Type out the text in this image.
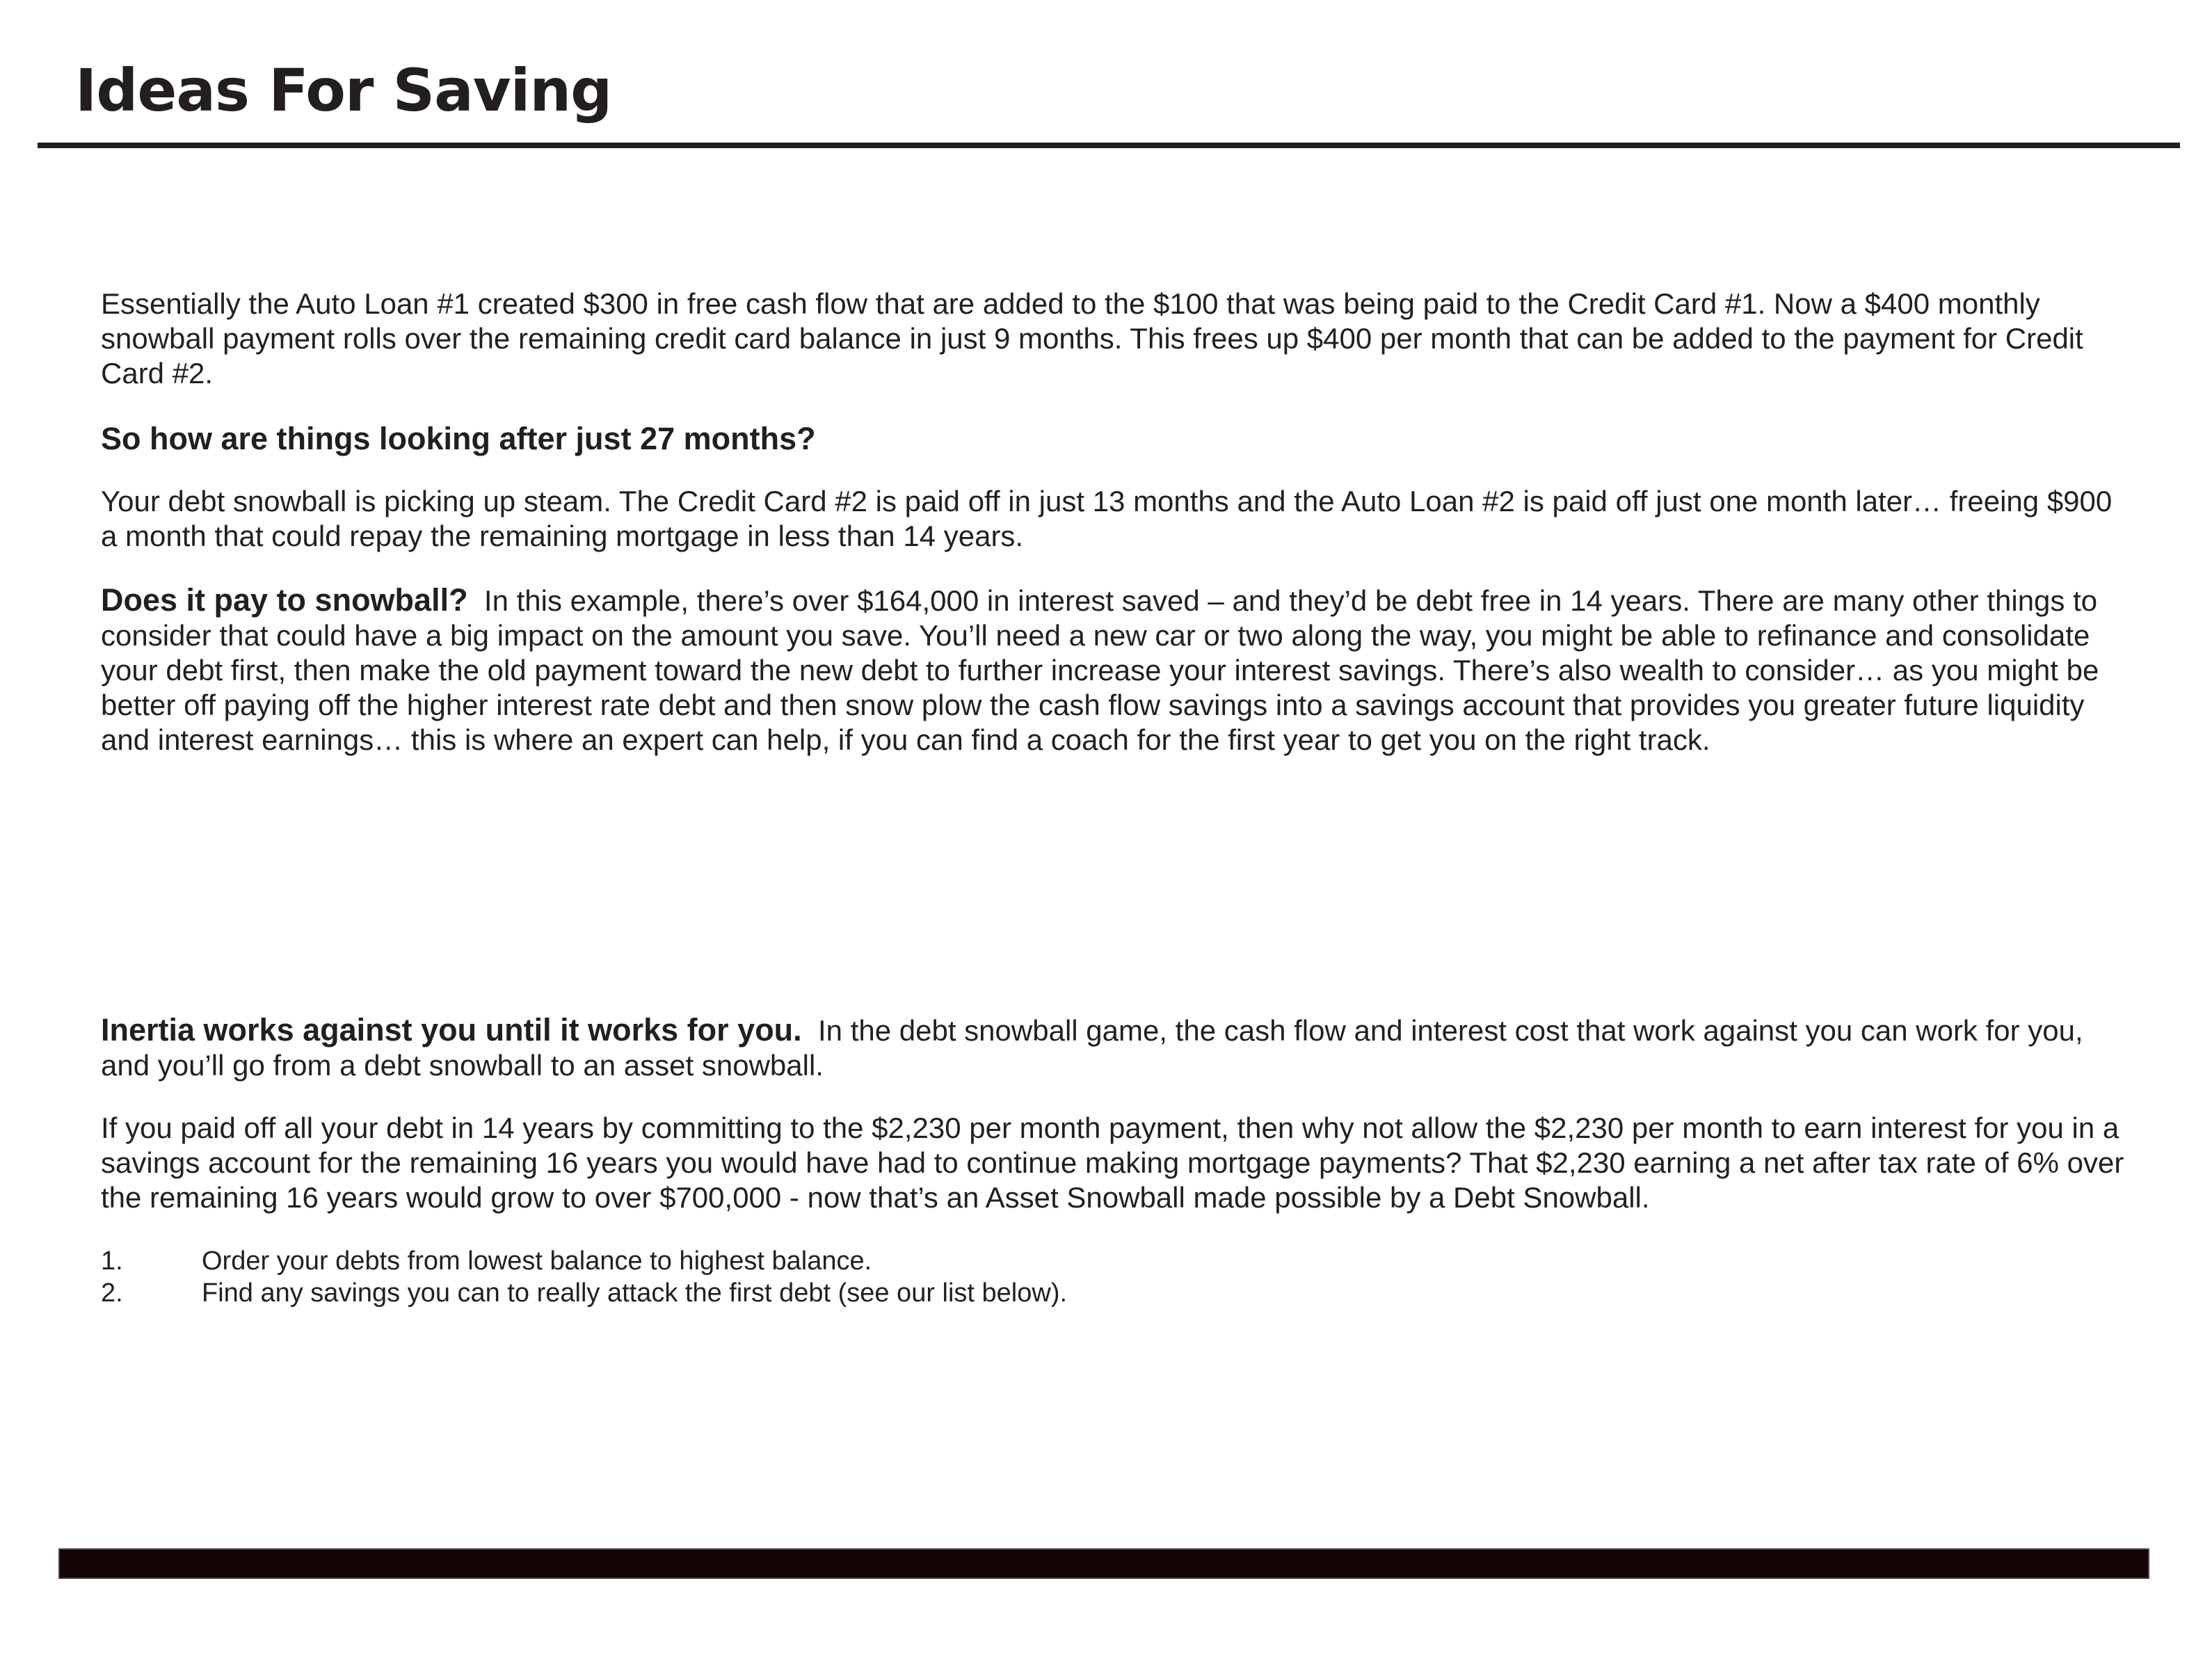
Ideas For Saving

Essentially the Auto Loan #1 created $300 in free cash flow that are added to the $100 that was being paid to the Credit Card #1. Now a $400 monthly snowball payment rolls over the remaining credit card balance in just 9 months. This frees up $400 per month that can be added to the payment for Credit Card #2.

So how are things looking after just 27 months?

Your debt snowball is picking up steam. The Credit Card #2 is paid off in just 13 months and the Auto Loan #2 is paid off just one month later… freeing $900 a month that could repay the remaining mortgage in less than 14 years.

Does it pay to snowball? In this example, there’s over $164,000 in interest saved – and they’d be debt free in 14 years. There are many other things to consider that could have a big impact on the amount you save. You’ll need a new car or two along the way, you might be able to refinance and consolidate your debt first, then make the old payment toward the new debt to further increase your interest savings. There’s also wealth to consider… as you might be better off paying off the higher interest rate debt and then snow plow the cash flow savings into a savings account that provides you greater future liquidity and interest earnings… this is where an expert can help, if you can find a coach for the first year to get you on the right track.

Inertia works against you until it works for you. In the debt snowball game, the cash flow and interest cost that work against you can work for you, and you’ll go from a debt snowball to an asset snowball.

If you paid off all your debt in 14 years by committing to the $2,230 per month payment, then why not allow the $2,230 per month to earn interest for you in a savings account for the remaining 16 years you would have had to continue making mortgage payments? That $2,230 earning a net after tax rate of 6% over the remaining 16 years would grow to over $700,000 - now that’s an Asset Snowball made possible by a Debt Snowball.

1.	Order your debts from lowest balance to highest balance.
2.	Find any savings you can to really attack the first debt (see our list below).
